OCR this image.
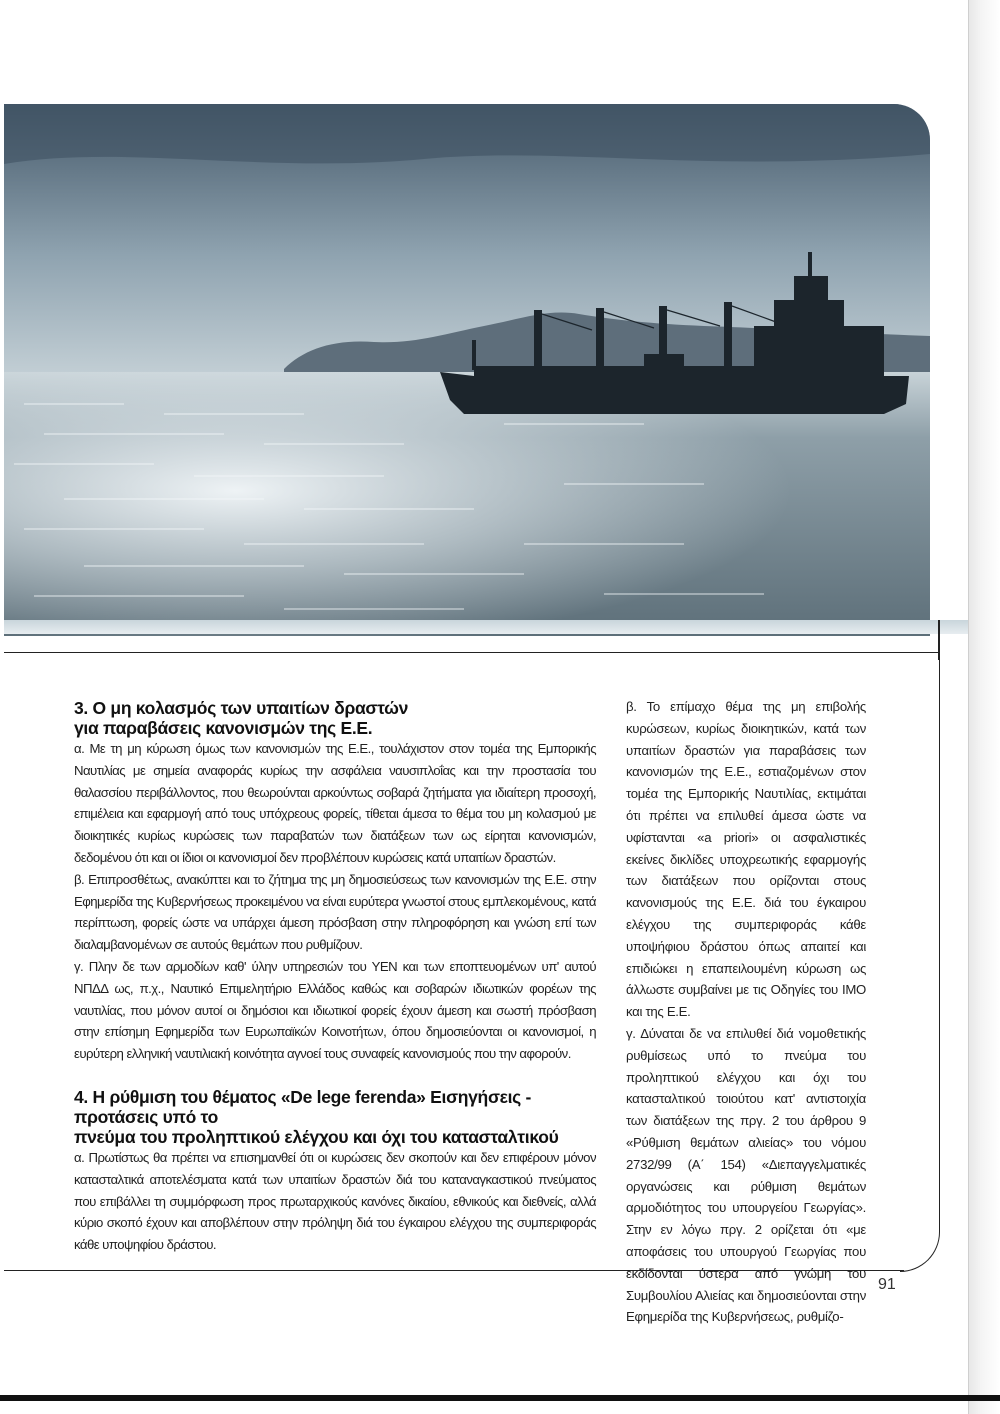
3. Ο μη κολασμός των υπαιτίων δραστών
για παραβάσεις κανονισμών της Ε.Ε.

α. Με τη μη κύρωση όμως των κανονισμών της Ε.Ε., τουλάχιστον στον τομέα της Εμπορικής Ναυτιλίας με σημεία αναφοράς κυρίως την ασφάλεια ναυσιπλοΐας και την προστασία του θαλασσίου περιβάλλοντος, που θεωρούνται αρκούντως σοβαρά ζητήματα για ιδιαίτερη προσοχή, επιμέλεια και εφαρμογή από τους υπόχρεους φορείς, τίθεται άμεσα το θέμα του μη κολασμού με διοικητικές κυρίως κυρώσεις των παραβατών των διατάξεων των ως είρηται κανονισμών, δεδομένου ότι και οι ίδιοι οι κανονισμοί δεν προβλέπουν κυρώσεις κατά υπαιτίων δραστών.

β. Επιπροσθέτως, ανακύπτει και το ζήτημα της μη δημοσιεύσεως των κανονισμών της Ε.Ε. στην Εφημερίδα της Κυβερνήσεως προκειμένου να είναι ευρύτερα γνωστοί στους εμπλεκομένους, κατά περίπτωση, φορείς ώστε να υπάρχει άμεση πρόσβαση στην πληροφόρηση και γνώση επί των διαλαμβανομένων σε αυτούς θεμάτων που ρυθμίζουν.

γ. Πλην δε των αρμοδίων καθ' ύλην υπηρεσιών του ΥΕΝ και των εποπτευομένων υπ' αυτού ΝΠΔΔ ως, π.χ., Ναυτικό Επιμελητήριο Ελλάδος καθώς και σοβαρών ιδιωτικών φορέων της ναυτιλίας, που μόνον αυτοί οι δημόσιοι και ιδιωτικοί φορείς έχουν άμεση και σωστή πρόσβαση στην επίσημη Εφημερίδα των Ευρωπαϊκών Κοινοτήτων, όπου δημοσιεύονται οι κανονισμοί, η ευρύτερη ελληνική ναυτιλιακή κοινότητα αγνοεί τους συναφείς κανονισμούς που την αφορούν.

4. Η ρύθμιση του θέματος «De lege ferenda» Εισηγήσεις - προτάσεις υπό το
πνεύμα του προληπτικού ελέγχου και όχι του κατασταλτικού

α. Πρωτίστως θα πρέπει να επισημανθεί ότι οι κυρώσεις δεν σκοπούν και δεν επιφέρουν μόνον κατασταλτικά αποτελέσματα κατά των υπαιτίων δραστών διά του καταναγκαστικού πνεύματος που επιβάλλει τη συμμόρφωση προς πρωταρχικούς κανόνες δικαίου, εθνικούς και διεθνείς, αλλά κύριο σκοπό έχουν και αποβλέπουν στην πρόληψη διά του έγκαιρου ελέγχου της συμπεριφοράς κάθε υποψηφίου δράστου.

β. Το επίμαχο θέμα της μη επιβολής κυρώσεων, κυρίως διοικητικών, κατά των υπαιτίων δραστών για παραβάσεις των κανονισμών της Ε.Ε., εστιαζομένων στον τομέα της Εμπορικής Ναυτιλίας, εκτιμάται ότι πρέπει να επιλυθεί άμεσα ώστε να υφίστανται «a priori» οι ασφαλιστικές εκείνες δικλίδες υποχρεωτικής εφαρμογής των διατάξεων που ορίζονται στους κανονισμούς της Ε.Ε. διά του έγκαιρου ελέγχου της συμπεριφοράς κάθε υποψήφιου δράστου όπως απαιτεί και επιδιώκει η επαπειλουμένη κύρωση ως άλλωστε συμβαίνει με τις Οδηγίες του ΙΜΟ και της Ε.Ε.

γ. Δύναται δε να επιλυθεί διά νομοθετικής ρυθμίσεως υπό το πνεύμα του προληπτικού ελέγχου και όχι του κατασταλτικού τοιούτου κατ' αντιστοιχία των διατάξεων της πργ. 2 του άρθρου 9 «Ρύθμιση θεμάτων αλιείας» του νόμου 2732/99 (Α΄ 154) «Διεπαγγελματικές οργανώσεις και ρύθμιση θεμάτων αρμοδιότητος του υπουργείου Γεωργίας». Στην εν λόγω πργ. 2 ορίζεται ότι «με αποφάσεις του υπουργού Γεωργίας που εκδίδονται ύστερα από γνώμη του Συμβουλίου Αλιείας και δημοσιεύονται στην Εφημερίδα της Κυβερνήσεως, ρυθμίζο-

91
